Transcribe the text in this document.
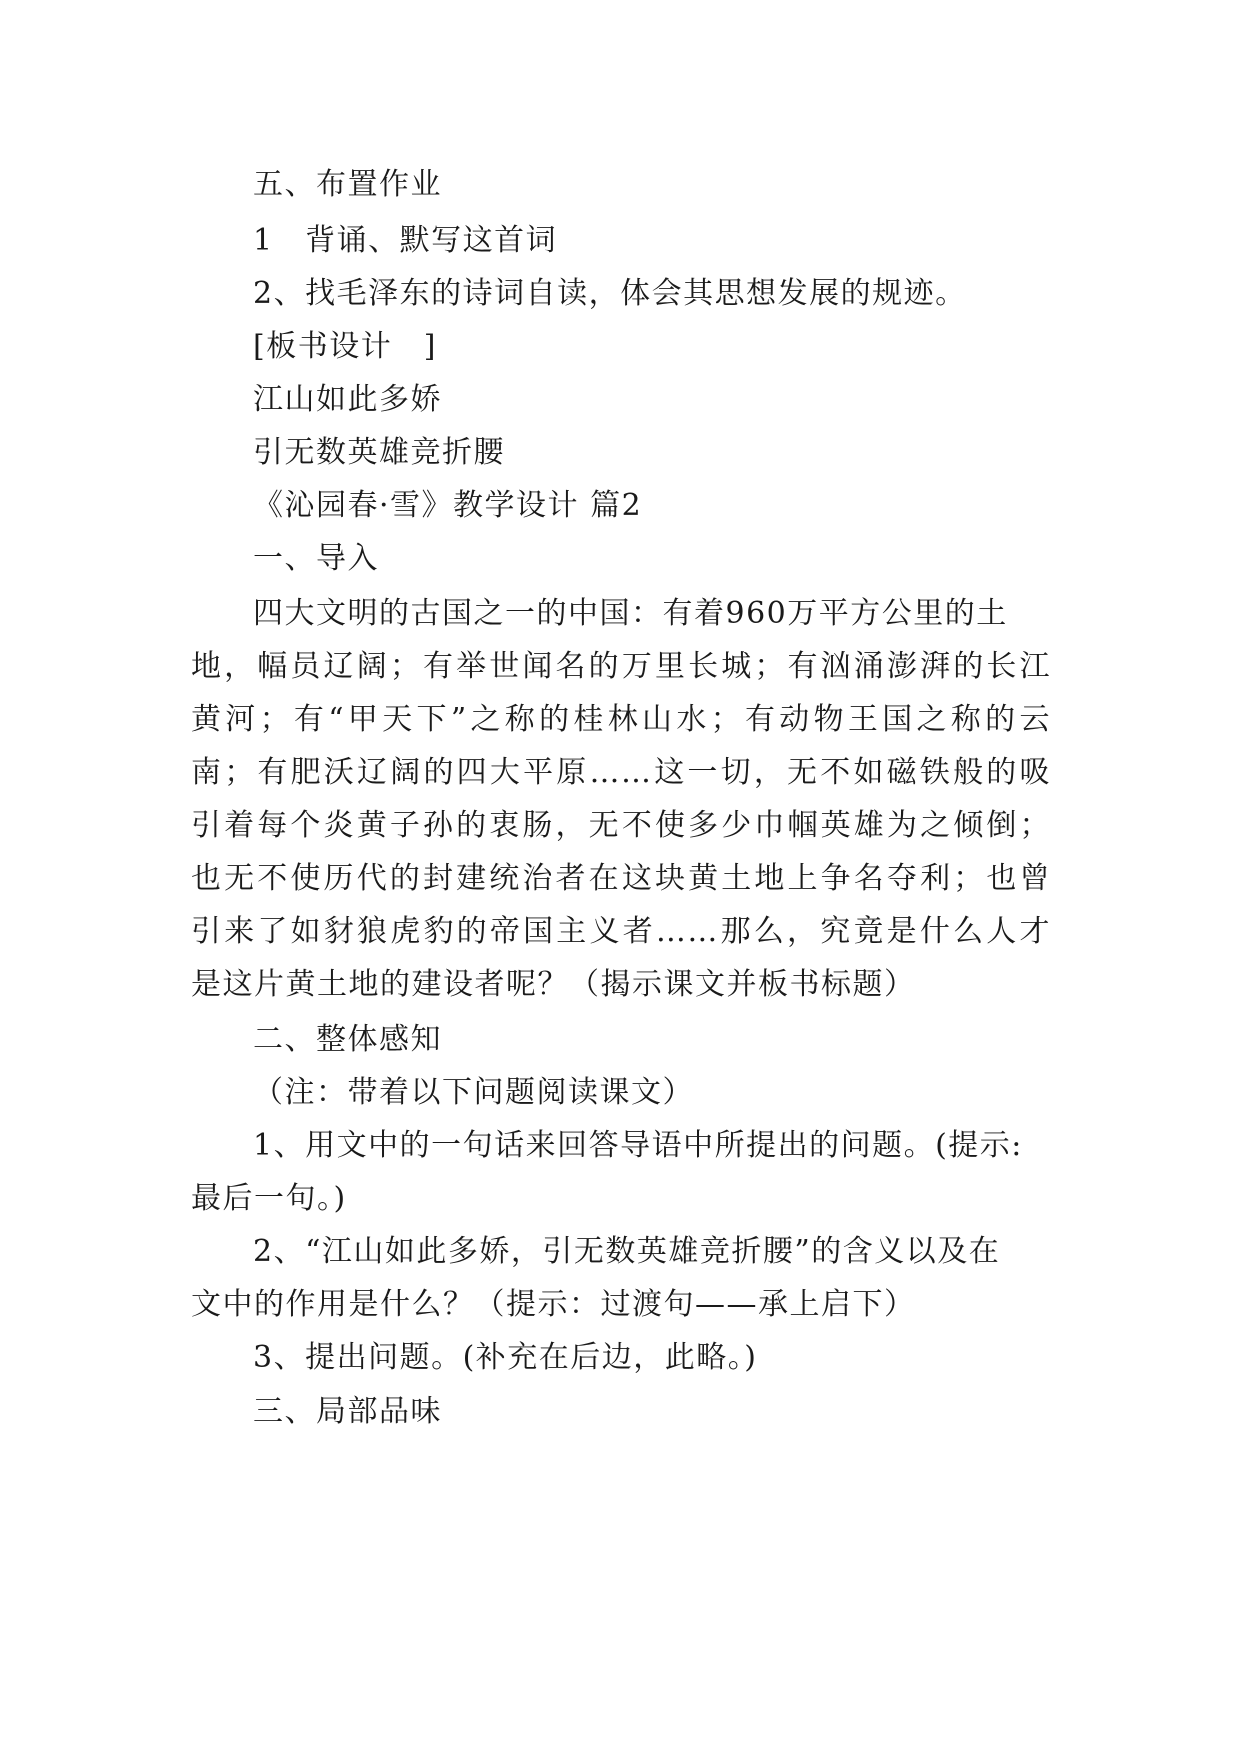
五、布置作业
1　背诵、默写这首词
2、找毛泽东的诗词自读，体会其思想发展的规迹。
[板书设计　]
江山如此多娇
引无数英雄竞折腰
《沁园春·雪》教学设计 篇2
一、导入
四大文明的古国之一的中国：有着960万平方公里的土
地，幅员辽阔；有举世闻名的万里长城；有汹涌澎湃的长江
黄河；有“甲天下”之称的桂林山水；有动物王国之称的云
南；有肥沃辽阔的四大平原……这一切，无不如磁铁般的吸
引着每个炎黄子孙的衷肠，无不使多少巾帼英雄为之倾倒；
也无不使历代的封建统治者在这块黄土地上争名夺利；也曾
引来了如豺狼虎豹的帝国主义者……那么，究竟是什么人才
是这片黄土地的建设者呢？（揭示课文并板书标题）
二、整体感知
（注：带着以下问题阅读课文）
1、用文中的一句话来回答导语中所提出的问题。(提示:
最后一句。)
2、“江山如此多娇，引无数英雄竞折腰”的含义以及在
文中的作用是什么？（提示：过渡句——承上启下）
3、提出问题。(补充在后边，此略。)
三、局部品味
